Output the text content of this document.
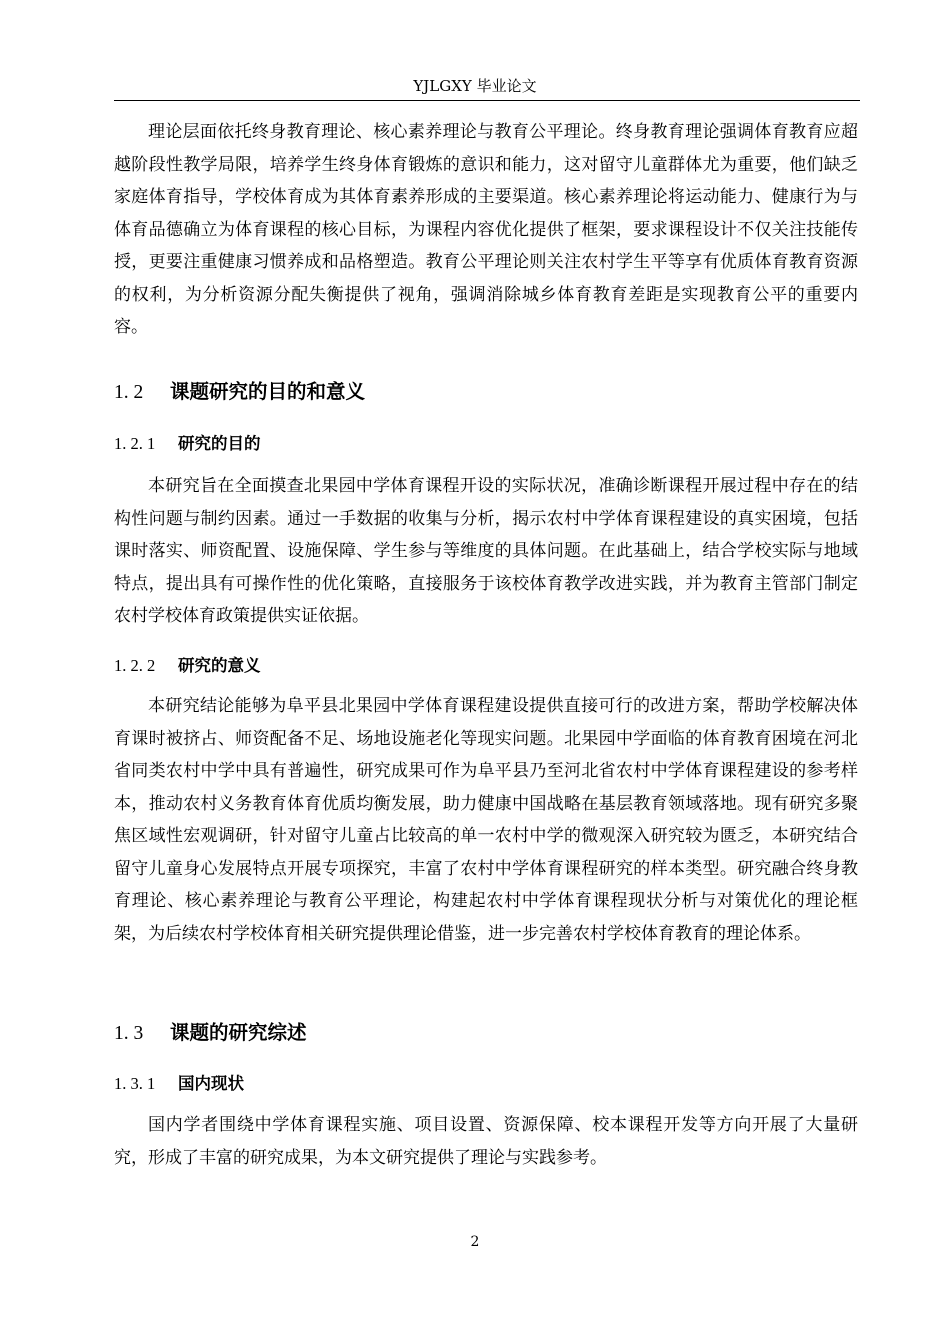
YJLGXY 毕业论文

理论层面依托终身教育理论、核心素养理论与教育公平理论。终身教育理论强调体育教育应超越阶段性教学局限，培养学生终身体育锻炼的意识和能力，这对留守儿童群体尤为重要，他们缺乏家庭体育指导，学校体育成为其体育素养形成的主要渠道。核心素养理论将运动能力、健康行为与体育品德确立为体育课程的核心目标，为课程内容优化提供了框架，要求课程设计不仅关注技能传授，更要注重健康习惯养成和品格塑造。教育公平理论则关注农村学生平等享有优质体育教育资源的权利，为分析资源分配失衡提供了视角，强调消除城乡体育教育差距是实现教育公平的重要内容。

1. 2 课题研究的目的和意义
1. 2. 1 研究的目的

本研究旨在全面摸查北果园中学体育课程开设的实际状况，准确诊断课程开展过程中存在的结构性问题与制约因素。通过一手数据的收集与分析，揭示农村中学体育课程建设的真实困境，包括课时落实、师资配置、设施保障、学生参与等维度的具体问题。在此基础上，结合学校实际与地域特点，提出具有可操作性的优化策略，直接服务于该校体育教学改进实践，并为教育主管部门制定农村学校体育政策提供实证依据。

1. 2. 2 研究的意义

本研究结论能够为阜平县北果园中学体育课程建设提供直接可行的改进方案，帮助学校解决体育课时被挤占、师资配备不足、场地设施老化等现实问题。北果园中学面临的体育教育困境在河北省同类农村中学中具有普遍性，研究成果可作为阜平县乃至河北省农村中学体育课程建设的参考样本，推动农村义务教育体育优质均衡发展，助力健康中国战略在基层教育领域落地。现有研究多聚焦区域性宏观调研，针对留守儿童占比较高的单一农村中学的微观深入研究较为匮乏，本研究结合留守儿童身心发展特点开展专项探究，丰富了农村中学体育课程研究的样本类型。研究融合终身教育理论、核心素养理论与教育公平理论，构建起农村中学体育课程现状分析与对策优化的理论框架，为后续农村学校体育相关研究提供理论借鉴，进一步完善农村学校体育教育的理论体系。

1. 3 课题的研究综述
1. 3. 1 国内现状

国内学者围绕中学体育课程实施、项目设置、资源保障、校本课程开发等方向开展了大量研究，形成了丰富的研究成果，为本文研究提供了理论与实践参考。

2
